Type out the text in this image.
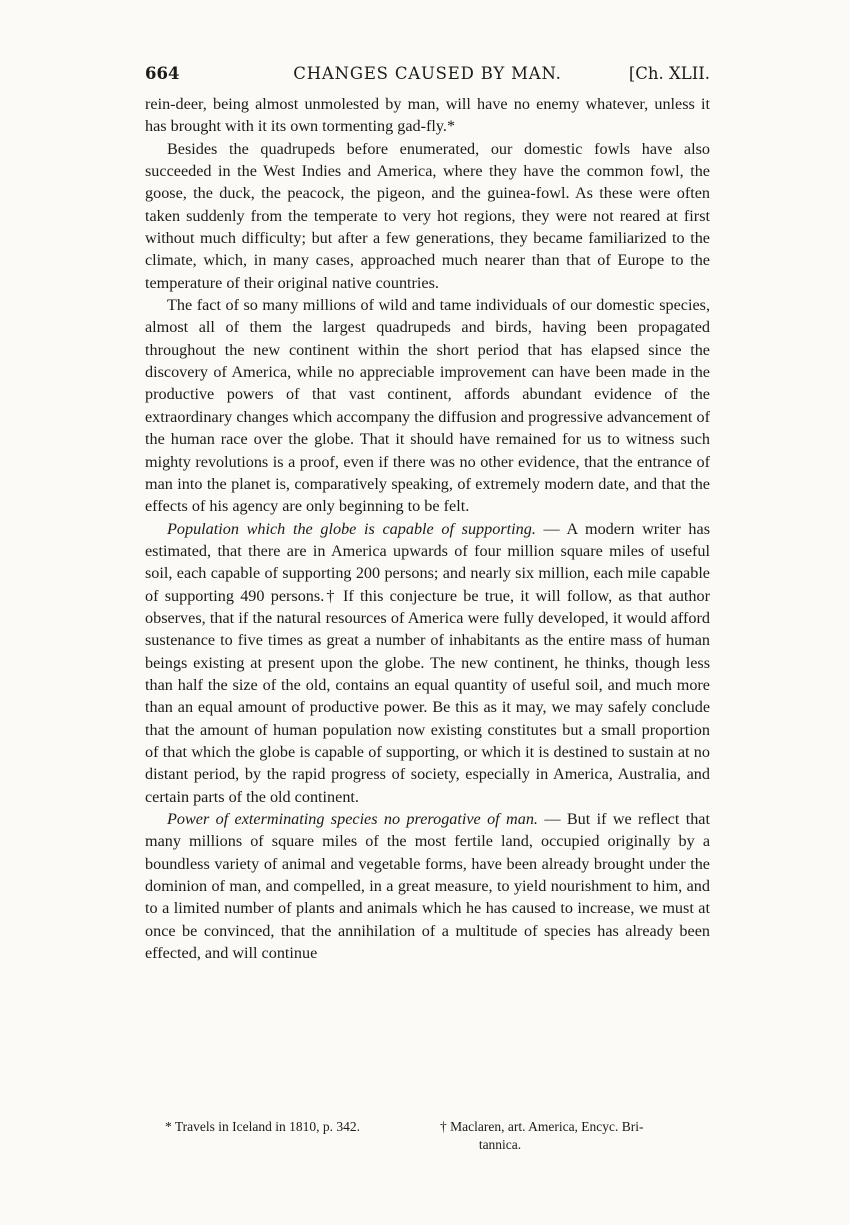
664	CHANGES CAUSED BY MAN.	[Ch. XLII.

rein-deer, being almost unmolested by man, will have no enemy whatever, unless it has brought with it its own tormenting gad-fly.*

Besides the quadrupeds before enumerated, our domestic fowls have also succeeded in the West Indies and America, where they have the common fowl, the goose, the duck, the peacock, the pigeon, and the guinea-fowl. As these were often taken suddenly from the temperate to very hot regions, they were not reared at first without much difficulty; but after a few generations, they became familiarized to the climate, which, in many cases, approached much nearer than that of Europe to the temperature of their original native countries.

The fact of so many millions of wild and tame individuals of our domestic species, almost all of them the largest quadrupeds and birds, having been propagated throughout the new continent within the short period that has elapsed since the discovery of America, while no appreciable improvement can have been made in the productive powers of that vast continent, affords abundant evidence of the extraordinary changes which accompany the diffusion and progressive advancement of the human race over the globe. That it should have remained for us to witness such mighty revolutions is a proof, even if there was no other evidence, that the entrance of man into the planet is, comparatively speaking, of extremely modern date, and that the effects of his agency are only beginning to be felt.

Population which the globe is capable of supporting. — A modern writer has estimated, that there are in America upwards of four million square miles of useful soil, each capable of supporting 200 persons; and nearly six million, each mile capable of supporting 490 persons.† If this conjecture be true, it will follow, as that author observes, that if the natural resources of America were fully developed, it would afford sustenance to five times as great a number of inhabitants as the entire mass of human beings existing at present upon the globe. The new continent, he thinks, though less than half the size of the old, contains an equal quantity of useful soil, and much more than an equal amount of productive power. Be this as it may, we may safely conclude that the amount of human population now existing constitutes but a small proportion of that which the globe is capable of supporting, or which it is destined to sustain at no distant period, by the rapid progress of society, especially in America, Australia, and certain parts of the old continent.

Power of exterminating species no prerogative of man. — But if we reflect that many millions of square miles of the most fertile land, occupied originally by a boundless variety of animal and vegetable forms, have been already brought under the dominion of man, and compelled, in a great measure, to yield nourishment to him, and to a limited number of plants and animals which he has caused to increase, we must at once be convinced, that the annihilation of a multitude of species has already been effected, and will continue

* Travels in Iceland in 1810, p. 342.	† Maclaren, art. America, Encyc. Bri-
tannica.
